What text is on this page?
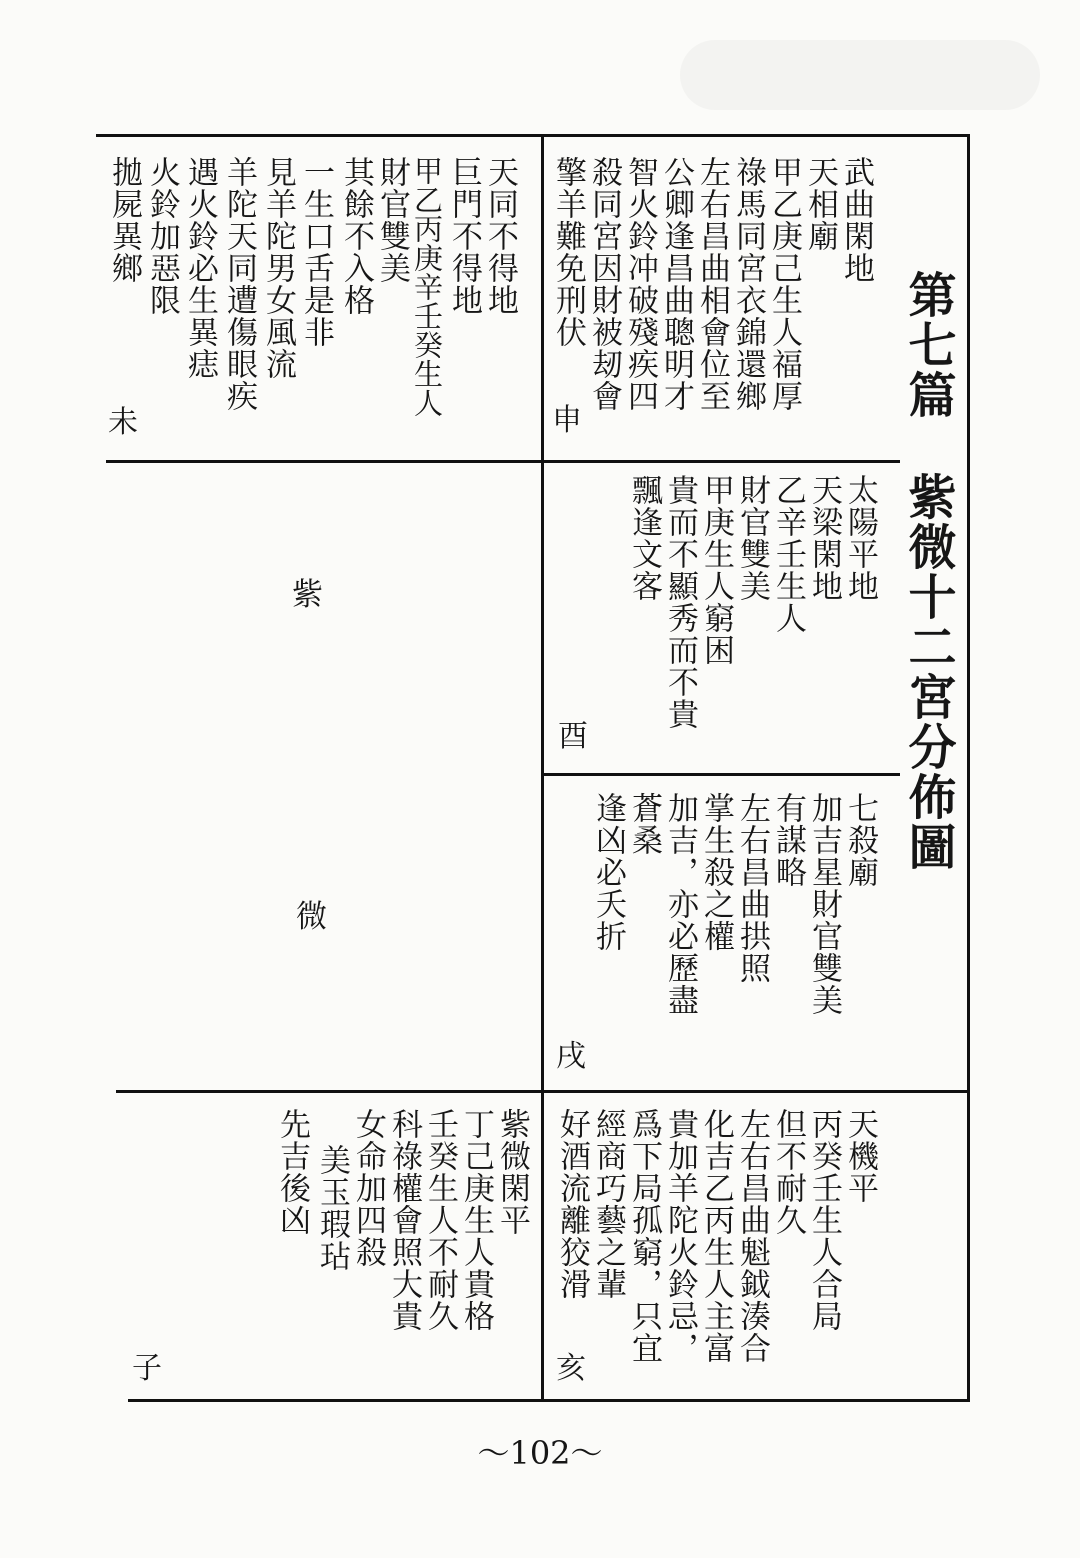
第七篇紫微十二宮分佈圖
武曲閑地
天相廟
甲乙庚己生人福厚
祿馬同宮衣錦還鄉
左右昌曲相會位至
公卿逢昌曲聰明才
智火鈴冲破殘疾四
殺同宮因財被刼會
擎羊難免刑伏
申
天同不得地
巨門不得地
甲乙丙庚辛壬癸生人
財官雙美
其餘不入格
一生口舌是非
見羊陀男女風流
羊陀天同遭傷眼疾
遇火鈴必生異痣
火鈴加惡限
拋屍異鄉
未
太陽平地
天梁閑地
乙辛壬生人
財官雙美
甲庚生人窮困
貴而不顯秀而不貴
飄逢文客
酉
七殺廟
加吉星財官雙美
有謀略
左右昌曲拱照
掌生殺之權
加吉，亦必歷盡
蒼桑
逢凶必夭折
戌
天機平
丙癸壬生人合局
但不耐久
左右昌曲魁鉞湊合
化吉乙丙生人主富
貴加羊陀火鈴忌，
爲下局孤窮，只宜
經商巧藝之輩
好酒流離狡滑
亥
紫微閑平
丁己庚生人貴格
壬癸生人不耐久
科祿權會照大貴
女命加四殺
美玉瑕玷
先吉後凶
子
紫
微
～102～
